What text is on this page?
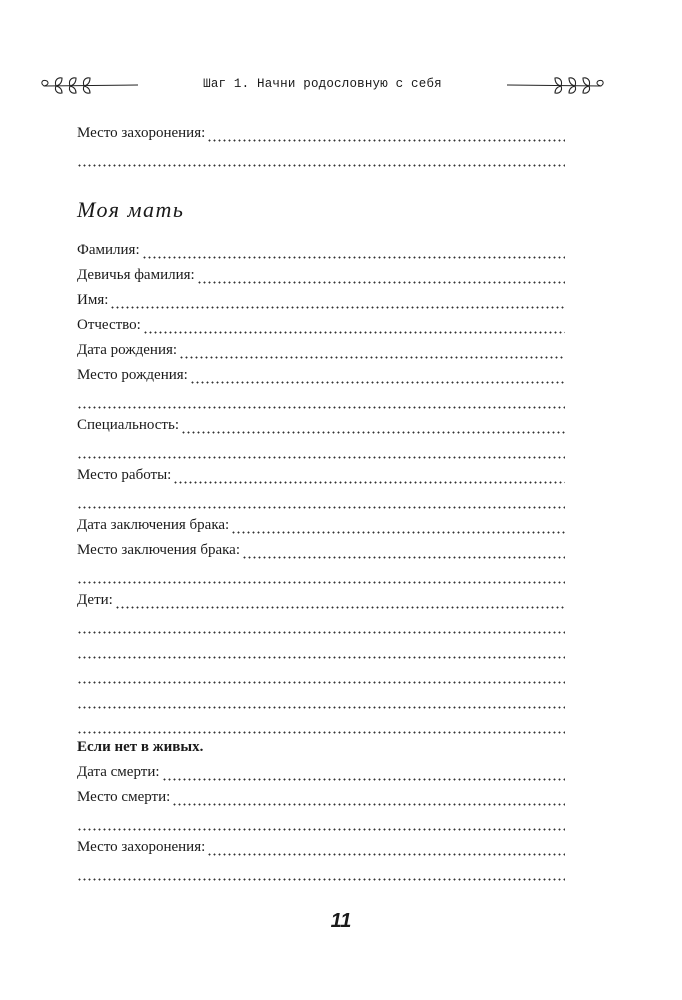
Шаг 1. Начни родословную с себя
Место захоронения:
Моя мать
Фамилия:
Девичья фамилия:
Имя:
Отчество:
Дата рождения:
Место рождения:
Специальность:
Место работы:
Дата заключения брака:
Место заключения брака:
Дети:
Если нет в живых.
Дата смерти:
Место смерти:
Место захоронения:
11
